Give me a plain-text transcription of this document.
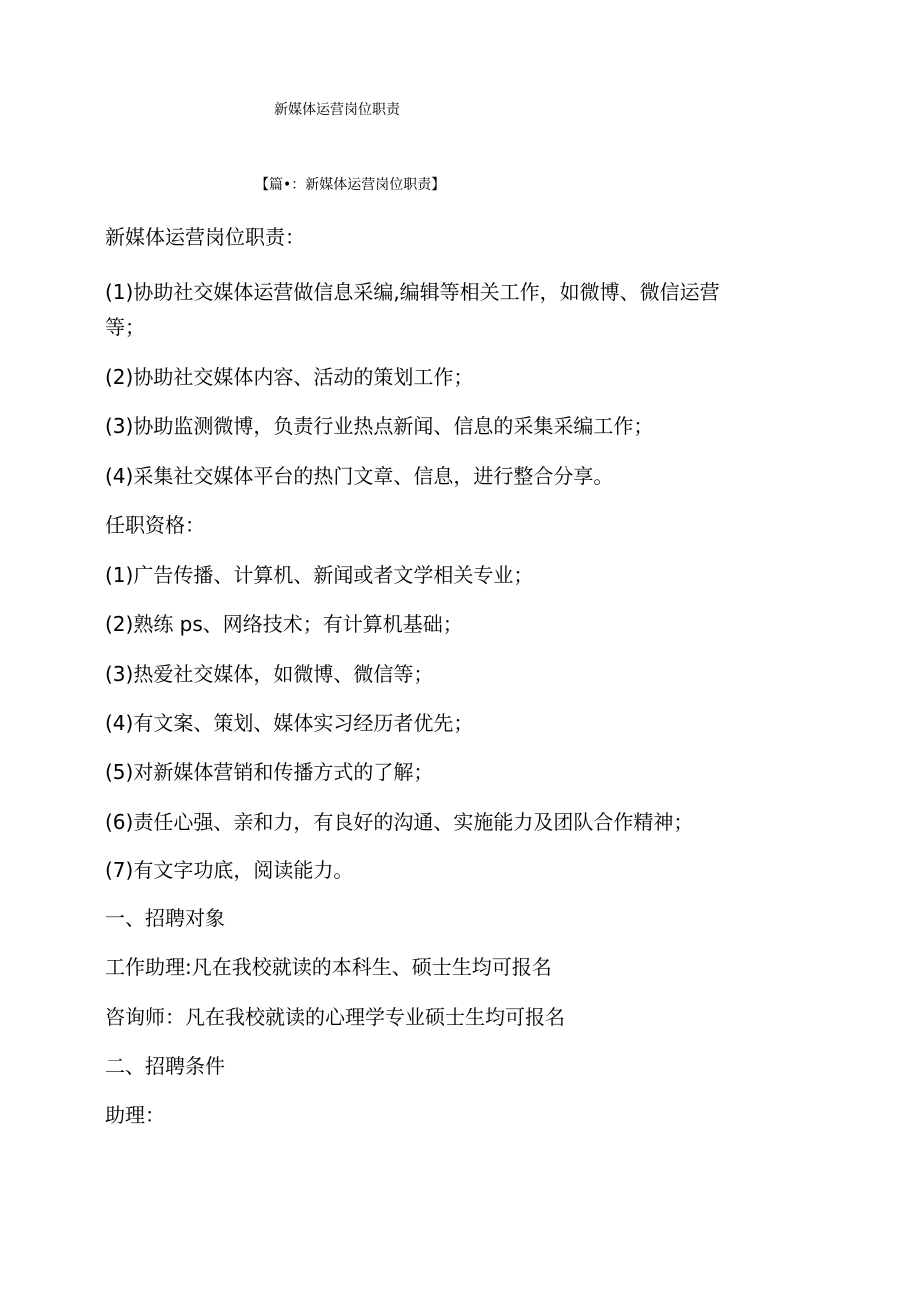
新媒体运营岗位职责
【篇•：新媒体运营岗位职责】
新媒体运营岗位职责：
(1)协助社交媒体运营做信息采编,编辑等相关工作，如微博、微信运营
等；
(2)协助社交媒体内容、活动的策划工作；
(3)协助监测微博，负责行业热点新闻、信息的采集采编工作；
(4)采集社交媒体平台的热门文章、信息，进行整合分享。
任职资格：
(1)广告传播、计算机、新闻或者文学相关专业；
(2)熟练 ps、网络技术；有计算机基础；
(3)热爱社交媒体，如微博、微信等；
(4)有文案、策划、媒体实习经历者优先；
(5)对新媒体营销和传播方式的了解；
(6)责任心强、亲和力，有良好的沟通、实施能力及团队合作精神；
(7)有文字功底，阅读能力。
一、招聘对象
工作助理:凡在我校就读的本科生、硕士生均可报名
咨询师：凡在我校就读的心理学专业硕士生均可报名
二、招聘条件
助理：
